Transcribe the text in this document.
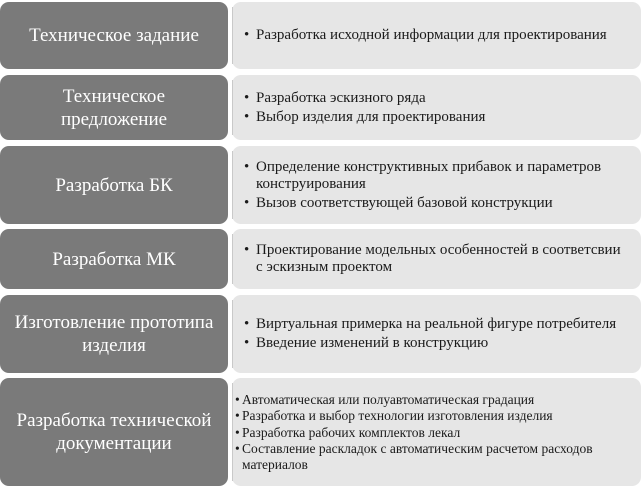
Техническое задание	• Разработка исходной информации для проектирования
Техническое предложение
• Разработка эскизного ряда
• Выбор изделия для проектирования
Разработка БК
• Определение конструктивных прибавок и параметров конструирования
• Вызов соответствующей базовой конструкции
Разработка МК	• Проектирование модельных особенностей в соответсвии с эскизным проектом
Изготовление прототипа изделия
• Виртуальная примерка на реальной фигуре потребителя
• Введение изменений в конструкцию
Разработка технической документации
• Автоматическая или полуавтоматическая градация
• Разработка и выбор технологии изготовления изделия
• Разработка рабочих комплектов лекал
• Составление раскладок с автоматическим расчетом расходов материалов
